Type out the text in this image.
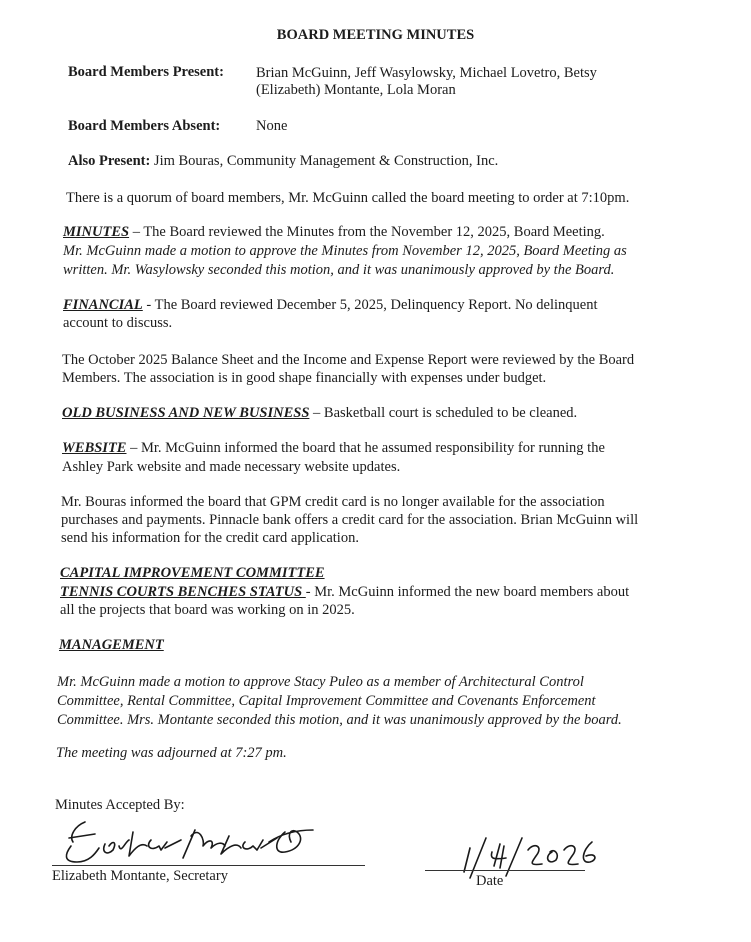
BOARD MEETING MINUTES
Board Members Present: Brian McGuinn, Jeff Wasylowsky, Michael Lovetro, Betsy
(Elizabeth) Montante, Lola Moran
Board Members Absent: None
Also Present: Jim Bouras, Community Management & Construction, Inc.
There is a quorum of board members, Mr. McGuinn called the board meeting to order at 7:10pm.
MINUTES – The Board reviewed the Minutes from the November 12, 2025, Board Meeting.
Mr. McGuinn made a motion to approve the Minutes from November 12, 2025, Board Meeting as
written. Mr. Wasylowsky seconded this motion, and it was unanimously approved by the Board.
FINANCIAL - The Board reviewed December 5, 2025, Delinquency Report. No delinquent
account to discuss.
The October 2025 Balance Sheet and the Income and Expense Report were reviewed by the Board
Members. The association is in good shape financially with expenses under budget.
OLD BUSINESS AND NEW BUSINESS – Basketball court is scheduled to be cleaned.
WEBSITE – Mr. McGuinn informed the board that he assumed responsibility for running the
Ashley Park website and made necessary website updates.
Mr. Bouras informed the board that GPM credit card is no longer available for the association
purchases and payments. Pinnacle bank offers a credit card for the association. Brian McGuinn will
send his information for the credit card application.
CAPITAL IMPROVEMENT COMMITTEE
TENNIS COURTS BENCHES STATUS - Mr. McGuinn informed the new board members about
all the projects that board was working on in 2025.
MANAGEMENT
Mr. McGuinn made a motion to approve Stacy Puleo as a member of Architectural Control
Committee, Rental Committee, Capital Improvement Committee and Covenants Enforcement
Committee. Mrs. Montante seconded this motion, and it was unanimously approved by the board.
The meeting was adjourned at 7:27 pm.
Minutes Accepted By:
Elizabeth Montante, Secretary	Date
